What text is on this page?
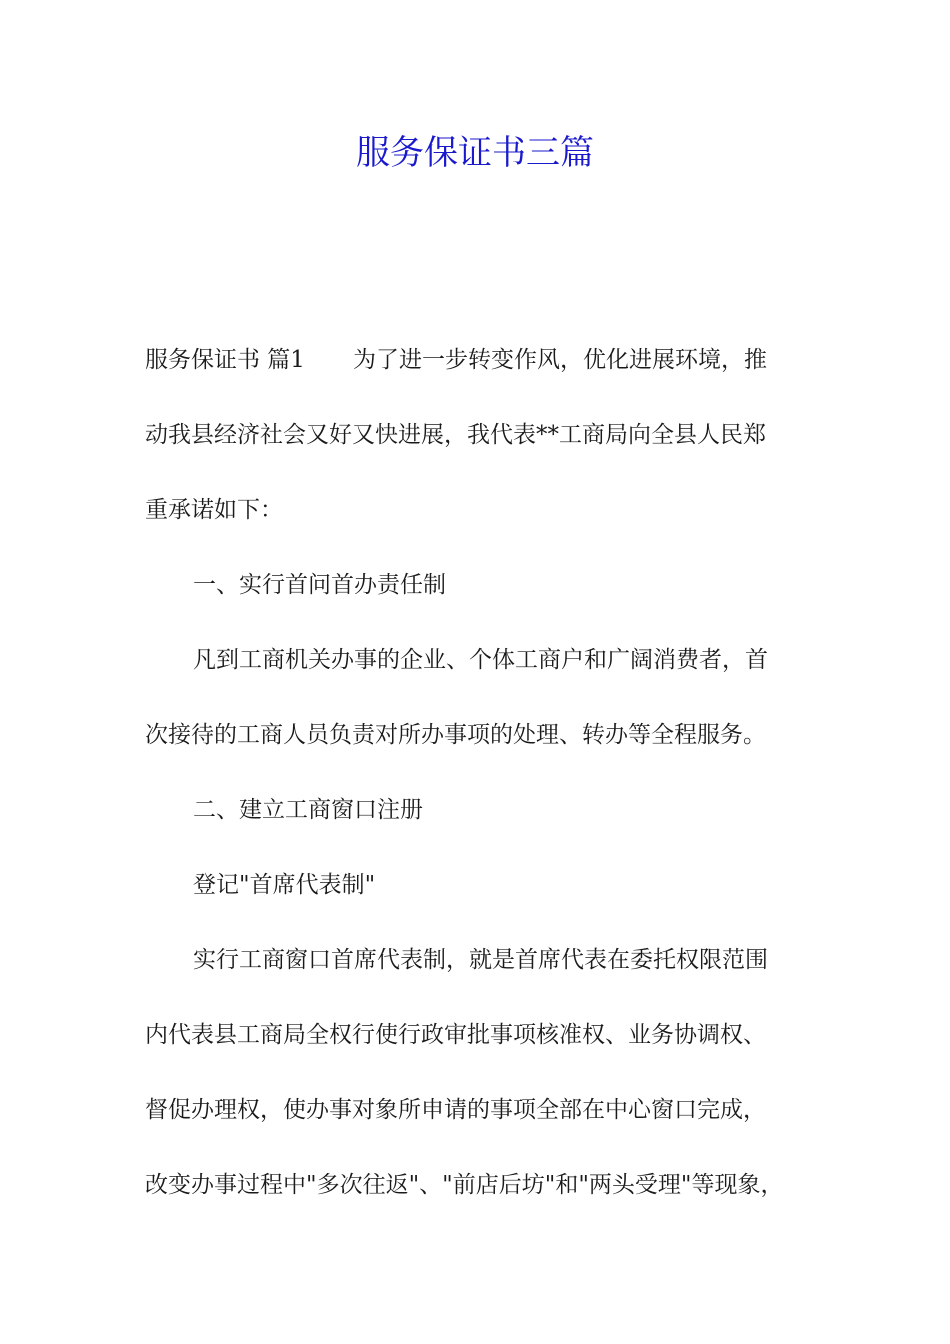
服务保证书三篇
服务保证书 篇1 为了进一步转变作风，优化进展环境，推
动我县经济社会又好又快进展，我代表**工商局向全县人民郑
重承诺如下：
一、实行首问首办责任制
凡到工商机关办事的企业、个体工商户和广阔消费者，首
次接待的工商人员负责对所办事项的处理、转办等全程服务。
二、建立工商窗口注册
登记"首席代表制"
实行工商窗口首席代表制，就是首席代表在委托权限范围
内代表县工商局全权行使行政审批事项核准权、业务协调权、
督促办理权，使办事对象所申请的事项全部在中心窗口完成，
改变办事过程中"多次往返"、"前店后坊"和"两头受理"等现象，
